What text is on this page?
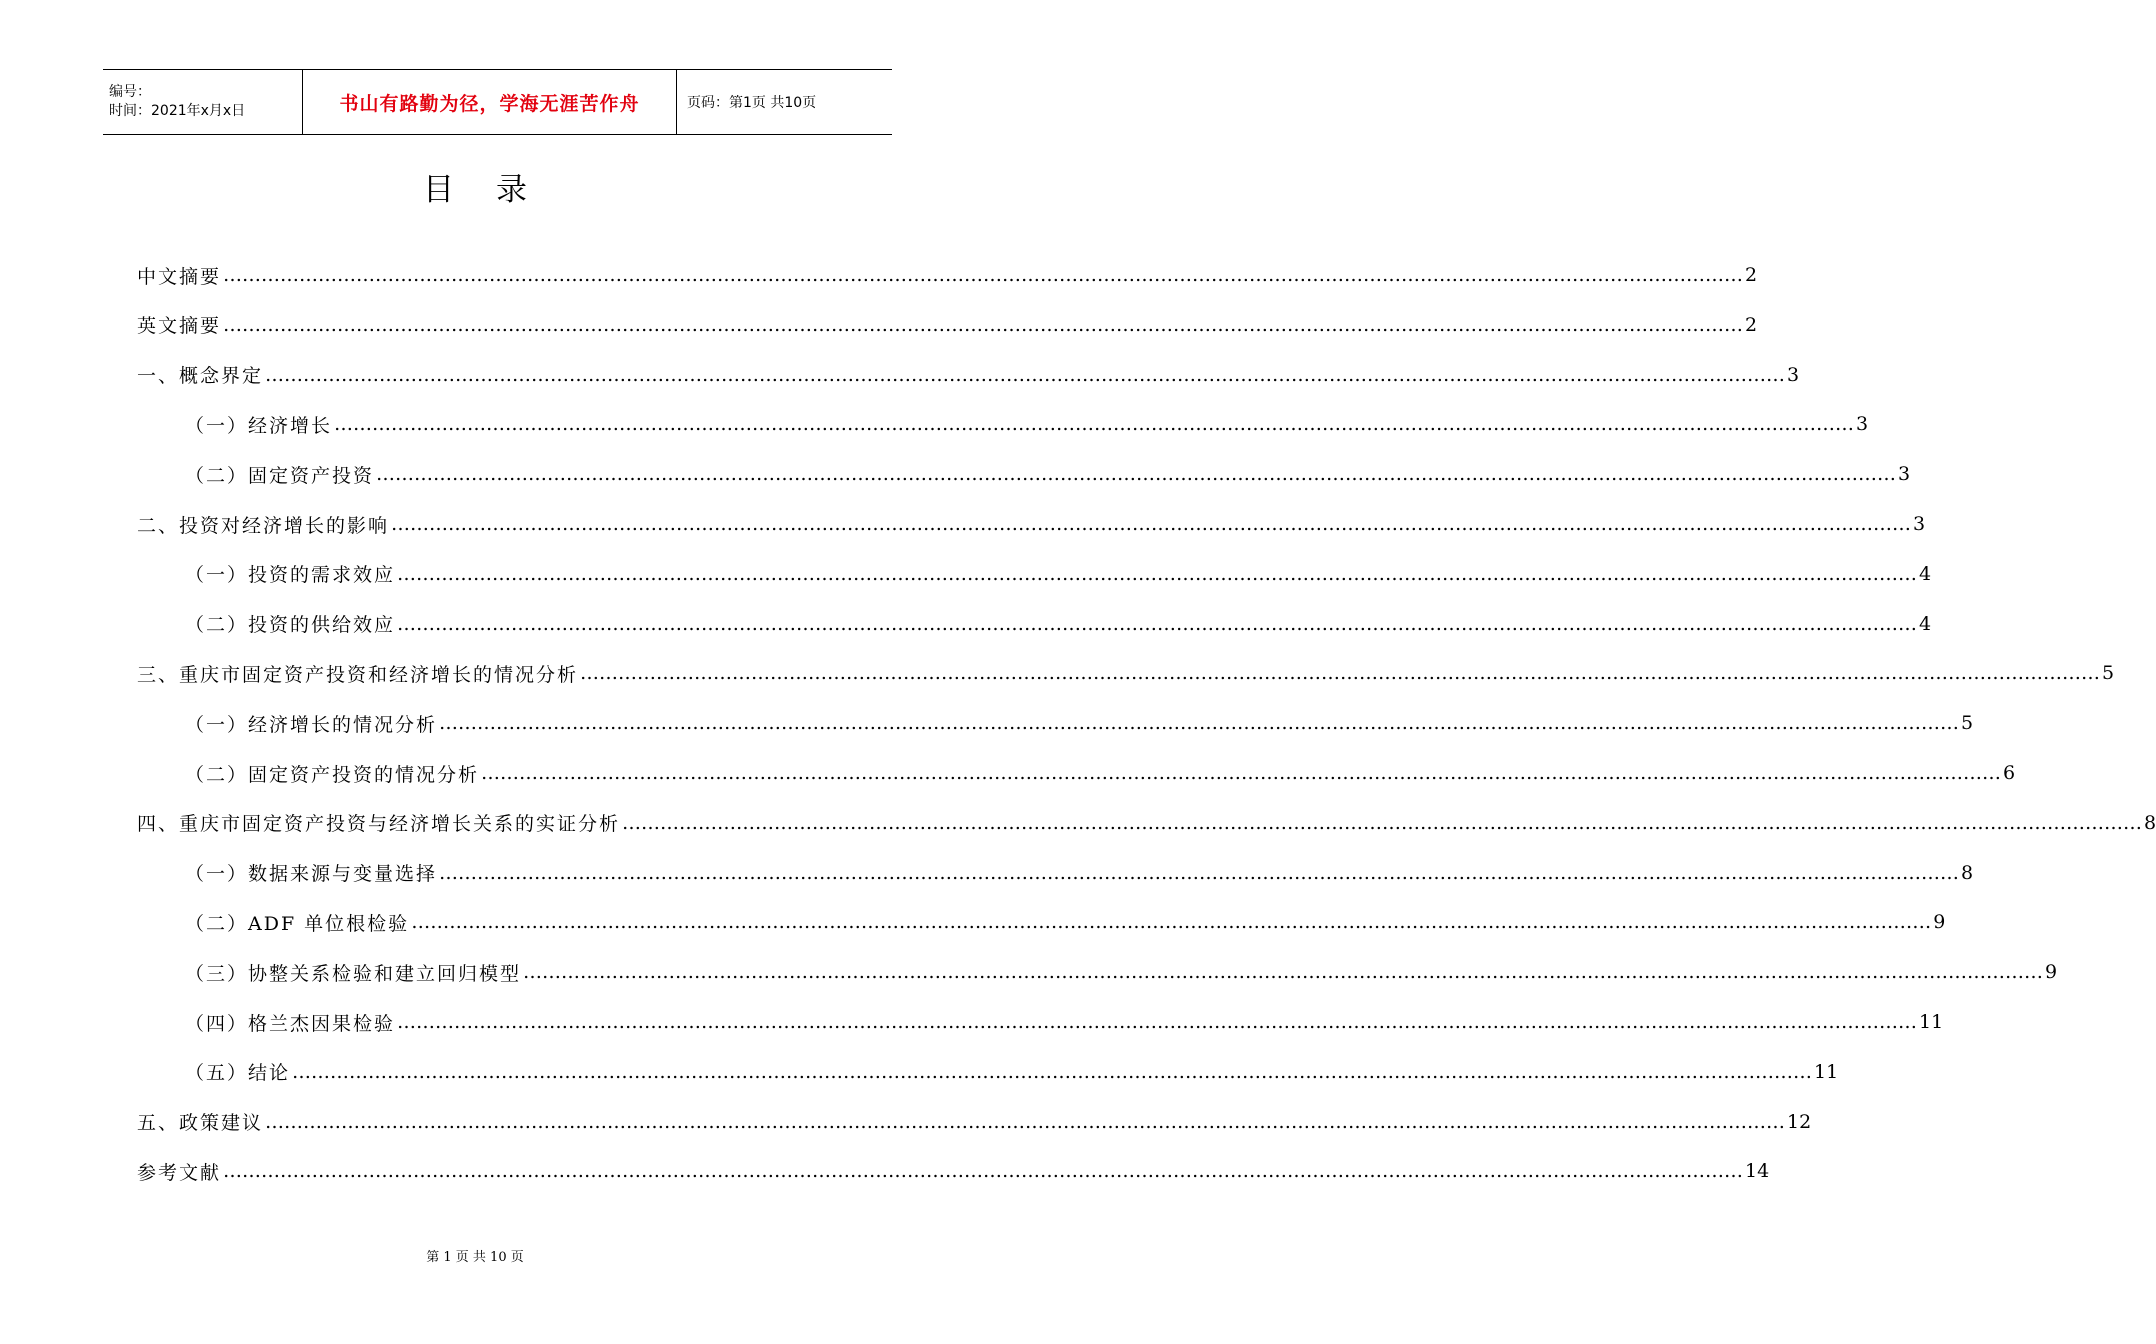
编号：
时间：2021年x月x日	书山有路勤为径，学海无涯苦作舟	页码：第1页 共10页
目 录
中文摘要 …………………………………………………………………………………………………………………………………………………………………………………………………………………… 2
英文摘要 …………………………………………………………………………………………………………………………………………………………………………………………………………………… 2
一、概念界定 …………………………………………………………………………………………………………………………………………………………………………………………………………………… 3
（一）经济增长 …………………………………………………………………………………………………………………………………………………………………………………………………………………… 3
（二）固定资产投资 …………………………………………………………………………………………………………………………………………………………………………………………………………………… 3
二、投资对经济增长的影响 …………………………………………………………………………………………………………………………………………………………………………………………………………………… 3
（一）投资的需求效应 …………………………………………………………………………………………………………………………………………………………………………………………………………………… 4
（二）投资的供给效应 …………………………………………………………………………………………………………………………………………………………………………………………………………………… 4
三、重庆市固定资产投资和经济增长的情况分析 …………………………………………………………………………………………………………………………………………………………………………………………………………………… 5
（一）经济增长的情况分析 …………………………………………………………………………………………………………………………………………………………………………………………………………………… 5
（二）固定资产投资的情况分析 …………………………………………………………………………………………………………………………………………………………………………………………………………………… 6
四、重庆市固定资产投资与经济增长关系的实证分析 …………………………………………………………………………………………………………………………………………………………………………………………………………………… 8
（一）数据来源与变量选择 …………………………………………………………………………………………………………………………………………………………………………………………………………………… 8
（二）ADF 单位根检验 …………………………………………………………………………………………………………………………………………………………………………………………………………………… 9
（三）协整关系检验和建立回归模型 …………………………………………………………………………………………………………………………………………………………………………………………………………………… 9
（四）格兰杰因果检验 …………………………………………………………………………………………………………………………………………………………………………………………………………………… 11
（五）结论 …………………………………………………………………………………………………………………………………………………………………………………………………………………… 11
五、政策建议 …………………………………………………………………………………………………………………………………………………………………………………………………………………… 12
参考文献 …………………………………………………………………………………………………………………………………………………………………………………………………………………… 14
第 1 页 共 10 页
